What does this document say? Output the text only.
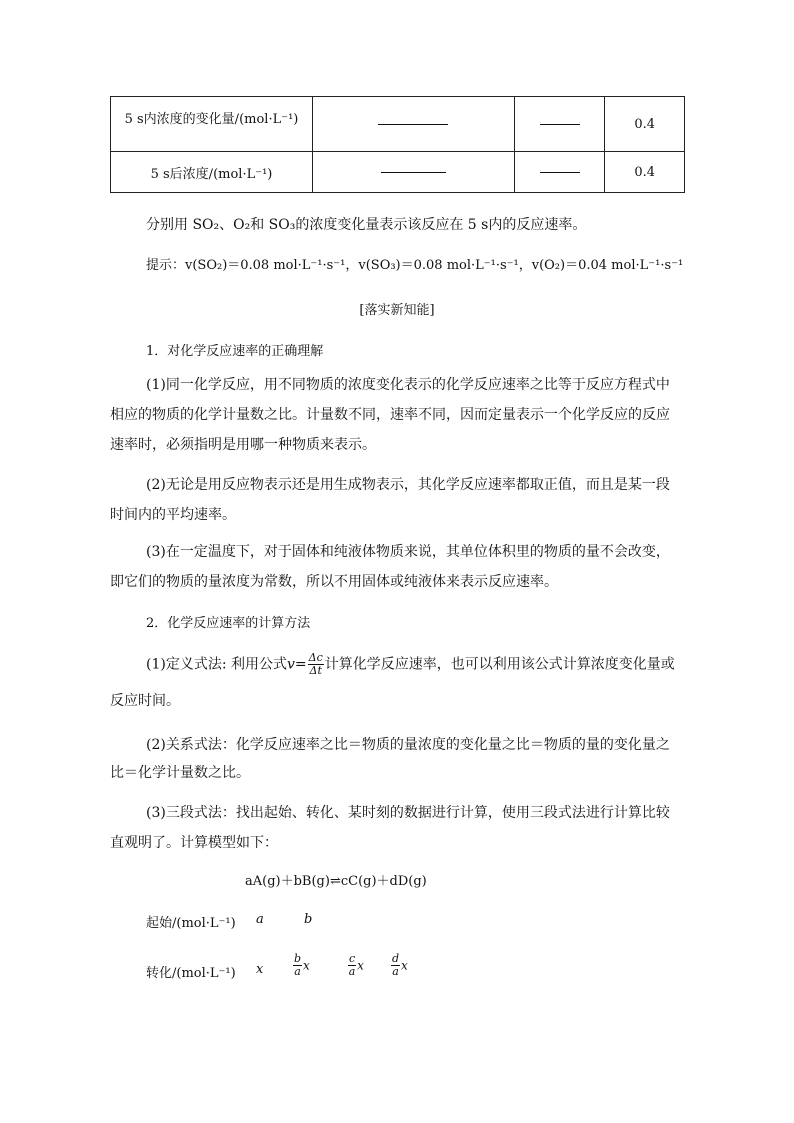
5 s内浓度的变化量/(mol·L⁻¹)			0.4
5 s后浓度/(mol·L⁻¹)			0.4
分别用 SO₂、O₂和 SO₃的浓度变化量表示该反应在 5 s内的反应速率。
提示：v(SO₂)＝0.08 mol·L⁻¹·s⁻¹，v(SO₃)＝0.08 mol·L⁻¹·s⁻¹，v(O₂)＝0.04 mol·L⁻¹·s⁻¹
[落实新知能]
1．对化学反应速率的正确理解
(1)同一化学反应，用不同物质的浓度变化表示的化学反应速率之比等于反应方程式中
相应的物质的化学计量数之比。计量数不同，速率不同，因而定量表示一个化学反应的反应
速率时，必须指明是用哪一种物质来表示。
(2)无论是用反应物表示还是用生成物表示，其化学反应速率都取正值，而且是某一段
时间内的平均速率。
(3)在一定温度下，对于固体和纯液体物质来说，其单位体积里的物质的量不会改变，
即它们的物质的量浓度为常数，所以不用固体或纯液体来表示反应速率。
2．化学反应速率的计算方法
(1)定义式法: 利用公式$v= \frac{\Delta c}{\Delta t}$ 计算化学反应速率，也可以利用该公式计算浓度变化量或
反应时间。
(2)关系式法：化学反应速率之比＝物质的量浓度的变化量之比＝物质的量的变化量之
比＝化学计量数之比。
(3)三段式法：找出起始、转化、某时刻的数据进行计算，使用三段式法进行计算比较
直观明了。计算模型如下：
aA(g)＋bB(g)⇌cC(g)＋dD(g)
起始/(mol·L⁻¹) a	b
转化/(mol·L⁻¹) x	$\frac{b}{a}$ x	$\frac{c}{a}$ x $\frac{d}{a}$ x
